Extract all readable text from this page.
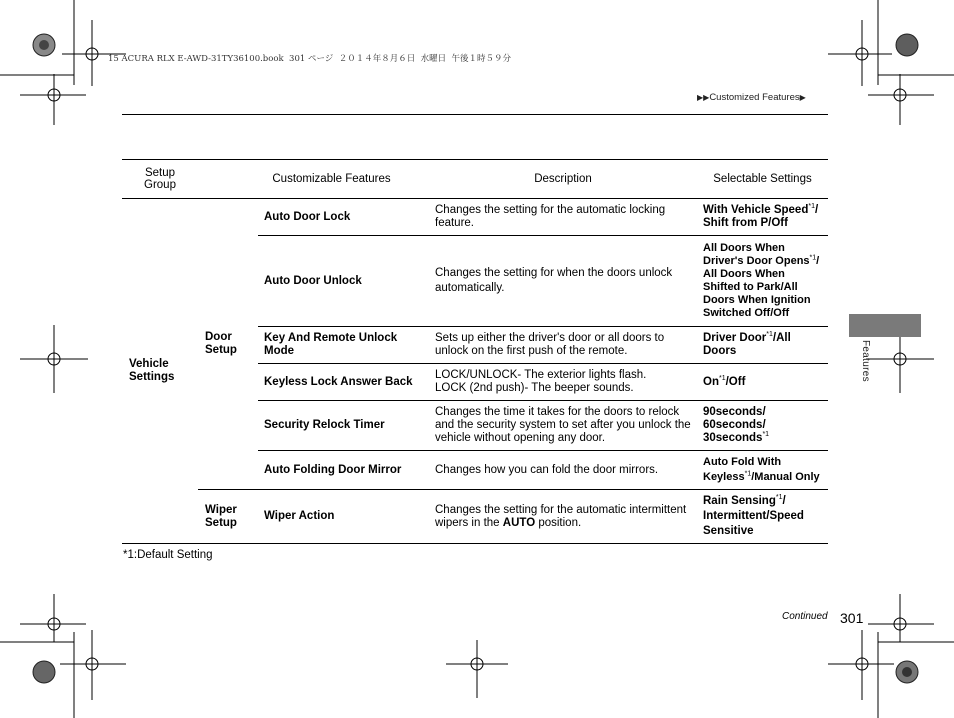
15 ACURA RLX E-AWD-31TY36100.book  301 ページ  ２０１４年８月６日  水曜日  午後１時５９分
▶▶Customized Features▶
Features
Setup Group	Customizable Features		Description	Selectable Settings
Vehicle Settings	Door Setup	Auto Door Lock	Changes the setting for the automatic locking feature.	With Vehicle Speed$^{*1}$/ Shift from P/Off
		Auto Door Unlock	Changes the setting for when the doors unlock automatically.	All Doors When Driver's Door Opens$^{*1}$/ All Doors When Shifted to Park/All Doors When Ignition Switched Off/Off
		Key And Remote Unlock Mode	Sets up either the driver's door or all doors to unlock on the first push of the remote.	Driver Door$^{*1}$/All Doors
		Keyless Lock Answer Back	LOCK/UNLOCK- The exterior lights flash.
LOCK (2nd push)- The beeper sounds.	On$^{*1}$/Off
		Security Relock Timer	Changes the time it takes for the doors to relock and the security system to set after you unlock the vehicle without opening any door.	90seconds/ 60seconds/ 30seconds$^{*1}$
		Auto Folding Door Mirror	Changes how you can fold the door mirrors.	Auto Fold With Keyless$^{*1}$/Manual Only
	Wiper Setup	Wiper Action	Changes the setting for the automatic intermittent wipers in the AUTO position.	Rain Sensing$^{*1}$/ Intermittent/Speed Sensitive
*1:Default Setting
Continued 301
